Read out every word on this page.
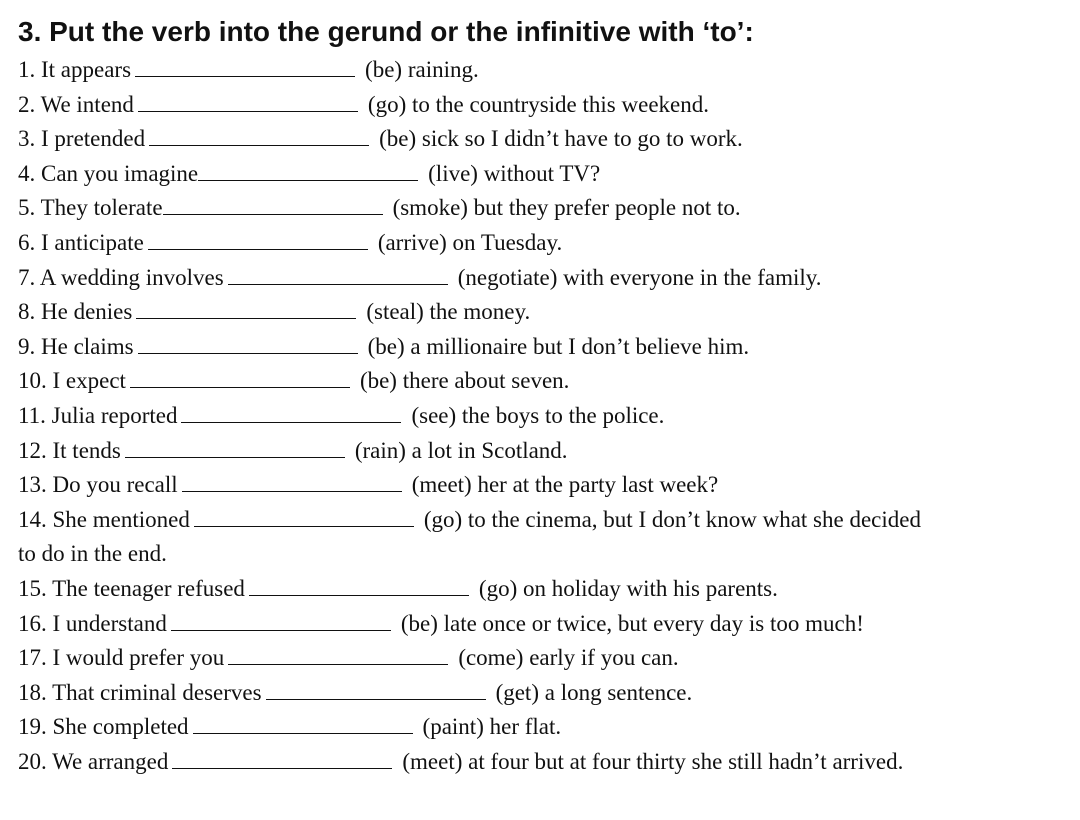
3. Put the verb into the gerund or the infinitive with ‘to’:
1. It appears	(be) raining.
2. We intend	(go) to the countryside this weekend.
3. I pretended	(be) sick so I didn’t have to go to work.
4. Can you imagine	(live) without TV?
5. They tolerate	(smoke) but they prefer people not to.
6. I anticipate	(arrive) on Tuesday.
7. A wedding involves	(negotiate) with everyone in the family.
8. He denies	(steal) the money.
9. He claims	(be) a millionaire but I don’t believe him.
10. I expect	(be) there about seven.
11. Julia reported	(see) the boys to the police.
12. It tends	(rain) a lot in Scotland.
13. Do you recall	(meet) her at the party last week?
14. She mentioned	(go) to the cinema, but I don’t know what she decided
to do in the end.
15. The teenager refused	(go) on holiday with his parents.
16. I understand	(be) late once or twice, but every day is too much!
17. I would prefer you	(come) early if you can.
18. That criminal deserves	(get) a long sentence.
19. She completed	(paint) her flat.
20. We arranged	(meet) at four but at four thirty she still hadn’t arrived.
